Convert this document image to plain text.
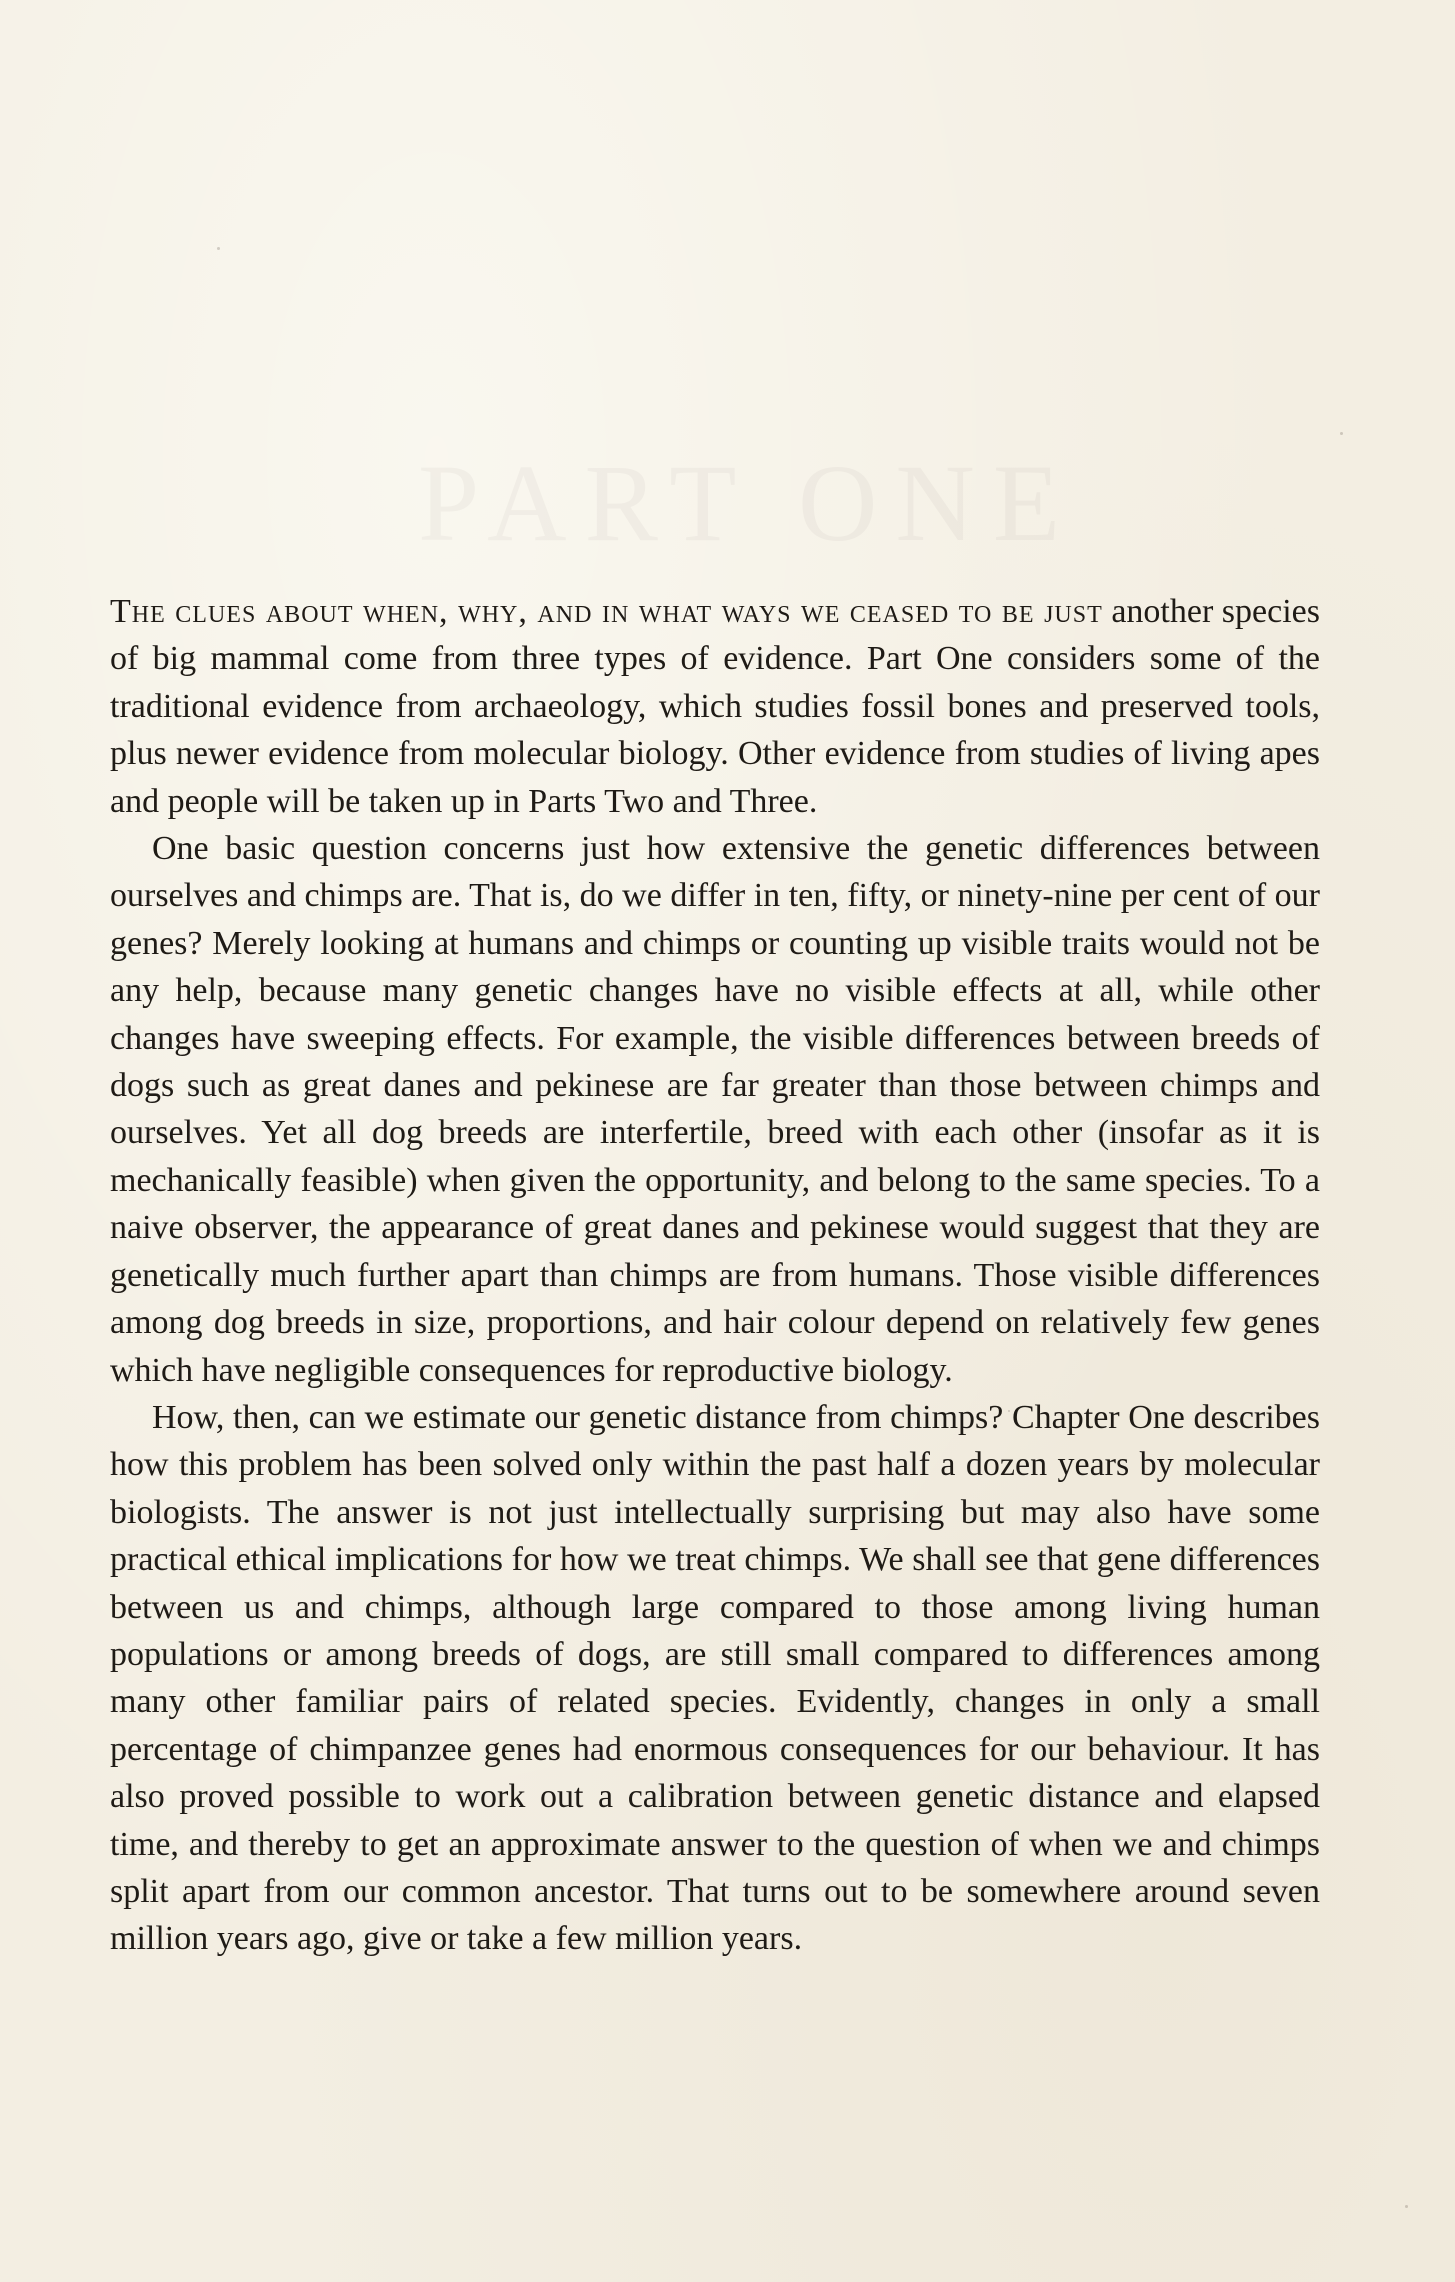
PART ONE

The clues about when, why, and in what ways we ceased to be just another species of big mammal come from three types of evidence. Part One considers some of the traditional evidence from archaeology, which studies fossil bones and preserved tools, plus newer evidence from molecular biology. Other evidence from studies of living apes and people will be taken up in Parts Two and Three.

One basic question concerns just how extensive the genetic differences between ourselves and chimps are. That is, do we differ in ten, fifty, or ninety-nine per cent of our genes? Merely looking at humans and chimps or counting up visible traits would not be any help, because many genetic changes have no visible effects at all, while other changes have sweeping effects. For example, the visible differences between breeds of dogs such as great danes and pekinese are far greater than those between chimps and ourselves. Yet all dog breeds are interfertile, breed with each other (insofar as it is mechanically feasible) when given the opportunity, and belong to the same species. To a naive observer, the appearance of great danes and pekinese would suggest that they are genetically much further apart than chimps are from humans. Those visible differences among dog breeds in size, proportions, and hair colour depend on relatively few genes which have negligible consequences for reproductive biology.

How, then, can we estimate our genetic distance from chimps? Chapter One describes how this problem has been solved only within the past half a dozen years by molecular biologists. The answer is not just intellectually surprising but may also have some practical ethical implications for how we treat chimps. We shall see that gene differences between us and chimps, although large compared to those among living human populations or among breeds of dogs, are still small compared to differences among many other familiar pairs of related species. Evidently, changes in only a small percentage of chimpanzee genes had enormous consequences for our behaviour. It has also proved possible to work out a calibration between genetic distance and elapsed time, and thereby to get an approximate answer to the question of when we and chimps split apart from our common ancestor. That turns out to be somewhere around seven million years ago, give or take a few million years.
